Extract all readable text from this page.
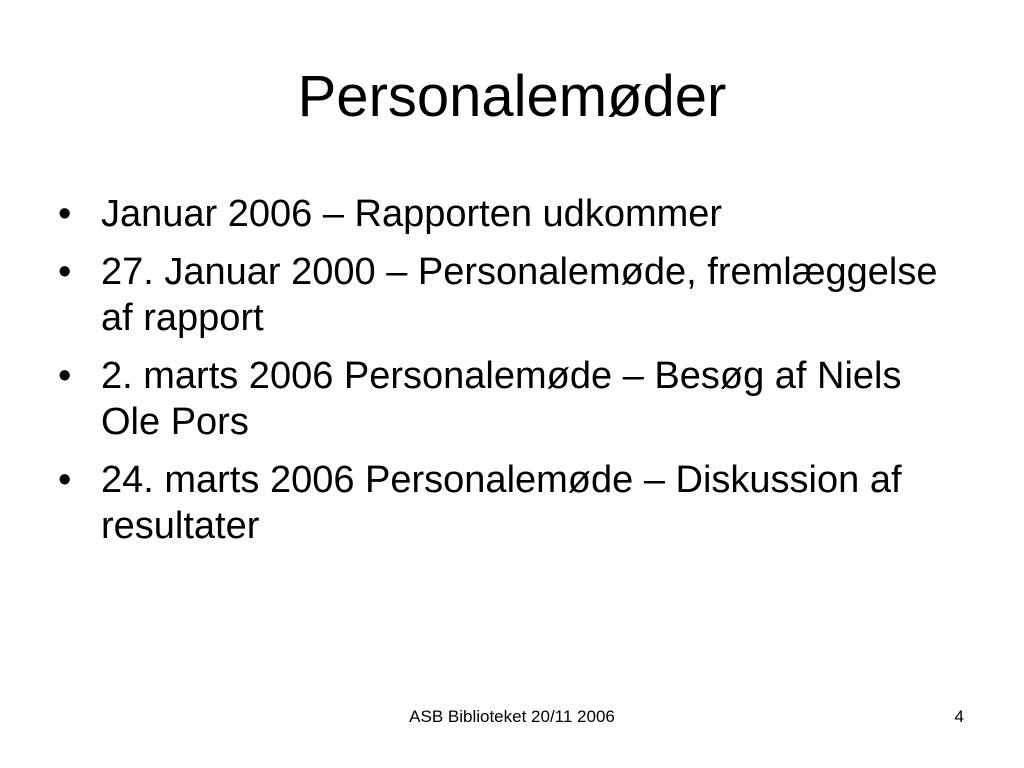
Personalemøder
•
Januar 2006 – Rapporten udkommer
•
27. Januar 2000 – Personalemøde, fremlæggelse af rapport
•
2. marts 2006 Personalemøde – Besøg af Niels Ole Pors
•
24. marts 2006 Personalemøde – Diskussion af resultater
ASB Biblioteket 20/11 2006	4
